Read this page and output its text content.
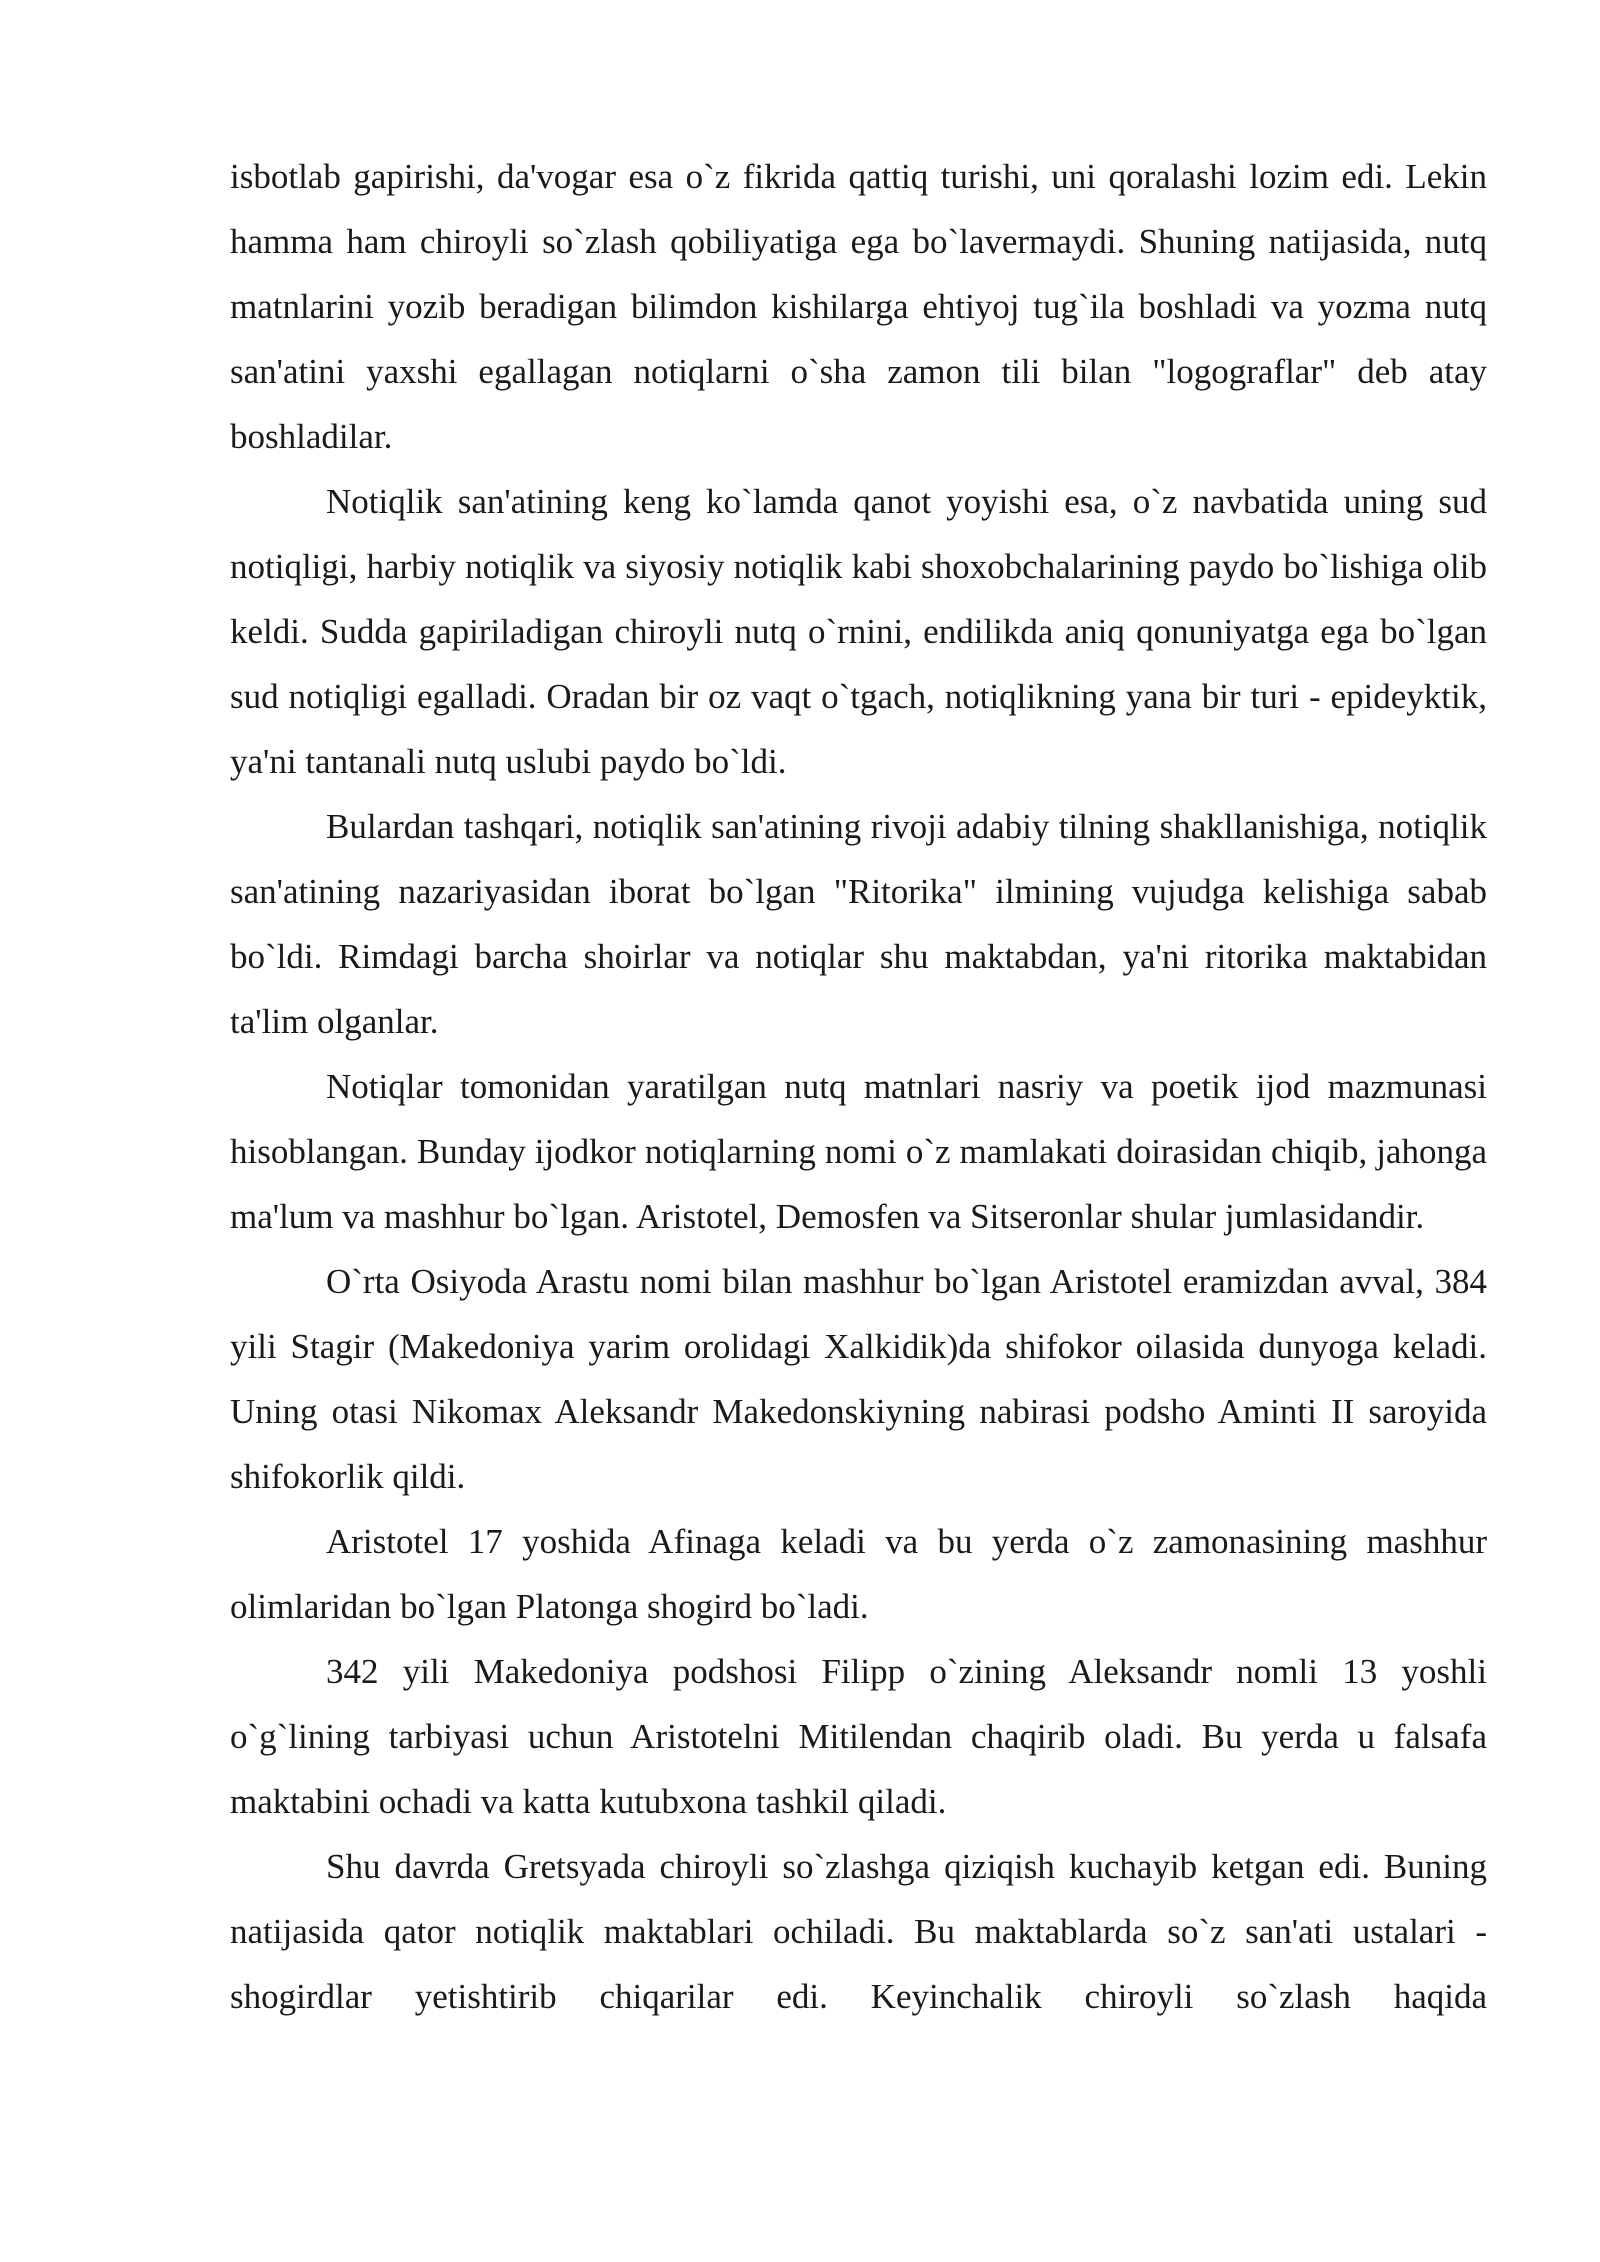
isbotlab gapirishi, da'vogar esa o`z fikrida qattiq turishi, uni qoralashi lozim edi. Lekin hamma ham chiroyli so`zlash qobiliyatiga ega bo`lavermaydi. Shuning natijasida, nutq matnlarini yozib beradigan bilimdon kishilarga ehtiyoj tug`ila boshladi va yozma nutq san'atini yaxshi egallagan notiqlarni o`sha zamon tili bilan "logograflar" deb atay boshladilar.

Notiqlik san'atining keng ko`lamda qanot yoyishi esa, o`z navbatida uning sud notiqligi, harbiy notiqlik va siyosiy notiqlik kabi shoxobchalarining paydo bo`lishiga olib keldi. Sudda gapiriladigan chiroyli nutq o`rnini, endilikda aniq qonuniyatga ega bo`lgan sud notiqligi egalladi. Oradan bir oz vaqt o`tgach, notiqlikning yana bir turi - epideyktik, ya'ni tantanali nutq uslubi paydo bo`ldi.

Bulardan tashqari, notiqlik san'atining rivoji adabiy tilning shakllanishiga, notiqlik san'atining nazariyasidan iborat bo`lgan "Ritorika" ilmining vujudga kelishiga sabab bo`ldi. Rimdagi barcha shoirlar va notiqlar shu maktabdan, ya'ni ritorika maktabidan ta'lim olganlar.

Notiqlar tomonidan yaratilgan nutq matnlari nasriy va poetik ijod mazmunasi hisoblangan. Bunday ijodkor notiqlarning nomi o`z mamlakati doirasidan chiqib, jahonga ma'lum va mashhur bo`lgan. Aristotel, Demosfen va Sitseronlar shular jumlasidandir.

O`rta Osiyoda Arastu nomi bilan mashhur bo`lgan Aristotel eramizdan avval, 384 yili Stagir (Makedoniya yarim orolidagi Xalkidik)da shifokor oilasida dunyoga keladi. Uning otasi Nikomax Aleksandr Makedonskiyning nabirasi podsho Aminti II saroyida shifokorlik qildi.

Aristotel 17 yoshida Afinaga keladi va bu yerda o`z zamonasining mashhur olimlaridan bo`lgan Platonga shogird bo`ladi.

342 yili Makedoniya podshosi Filipp o`zining Aleksandr nomli 13 yoshli o`g`lining tarbiyasi uchun Aristotelni Mitilendan chaqirib oladi. Bu yerda u falsafa maktabini ochadi va katta kutubxona tashkil qiladi.

Shu davrda Gretsyada chiroyli so`zlashga qiziqish kuchayib ketgan edi. Buning natijasida qator notiqlik maktablari ochiladi. Bu maktablarda so`z san'ati ustalari - shogirdlar yetishtirib chiqarilar edi. Keyinchalik chiroyli so`zlash haqida
